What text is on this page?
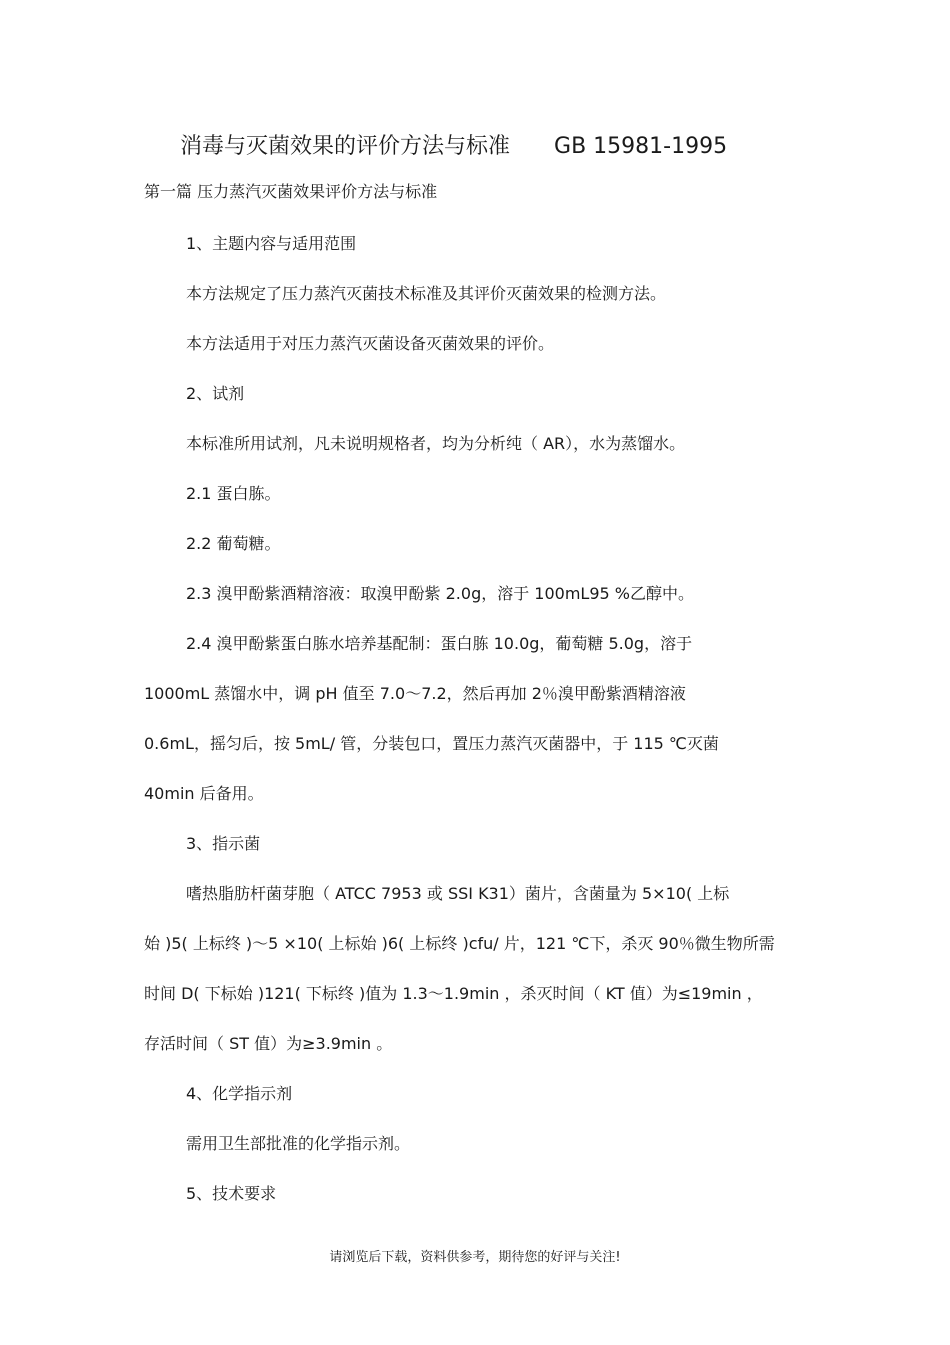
消毒与灭菌效果的评价方法与标准 GB 15981-1995
第一篇 压力蒸汽灭菌效果评价方法与标准
1、主题内容与适用范围
本方法规定了压力蒸汽灭菌技术标准及其评价灭菌效果的检测方法。
本方法适用于对压力蒸汽灭菌设备灭菌效果的评价。
2、试剂
本标准所用试剂，凡未说明规格者，均为分析纯（ AR），水为蒸馏水。
2.1 蛋白胨。
2.2 葡萄糖。
2.3 溴甲酚紫酒精溶液：取溴甲酚紫 2.0g，溶于 100mL95 %乙醇中。
2.4 溴甲酚紫蛋白胨水培养基配制：蛋白胨 10.0g，葡萄糖 5.0g，溶于
1000mL 蒸馏水中，调 pH 值至 7.0～7.2，然后再加 2％溴甲酚紫酒精溶液
0.6mL，摇匀后，按 5mL/ 管，分装包口，置压力蒸汽灭菌器中，于 115 ℃灭菌
40min 后备用。
3、指示菌
嗜热脂肪杆菌芽胞（ ATCC 7953 或 SSI K31）菌片，含菌量为 5×10( 上标
始 )5( 上标终 )～5 ×10( 上标始 )6( 上标终 )cfu/ 片，121 ℃下，杀灭 90％微生物所需
时间 D( 下标始 )121( 下标终 )值为 1.3～1.9min ，杀灭时间（ KT 值）为≤19min ，
存活时间（ ST 值）为≥3.9min 。
4、化学指示剂
需用卫生部批准的化学指示剂。
5、技术要求
请浏览后下载，资料供参考，期待您的好评与关注!
